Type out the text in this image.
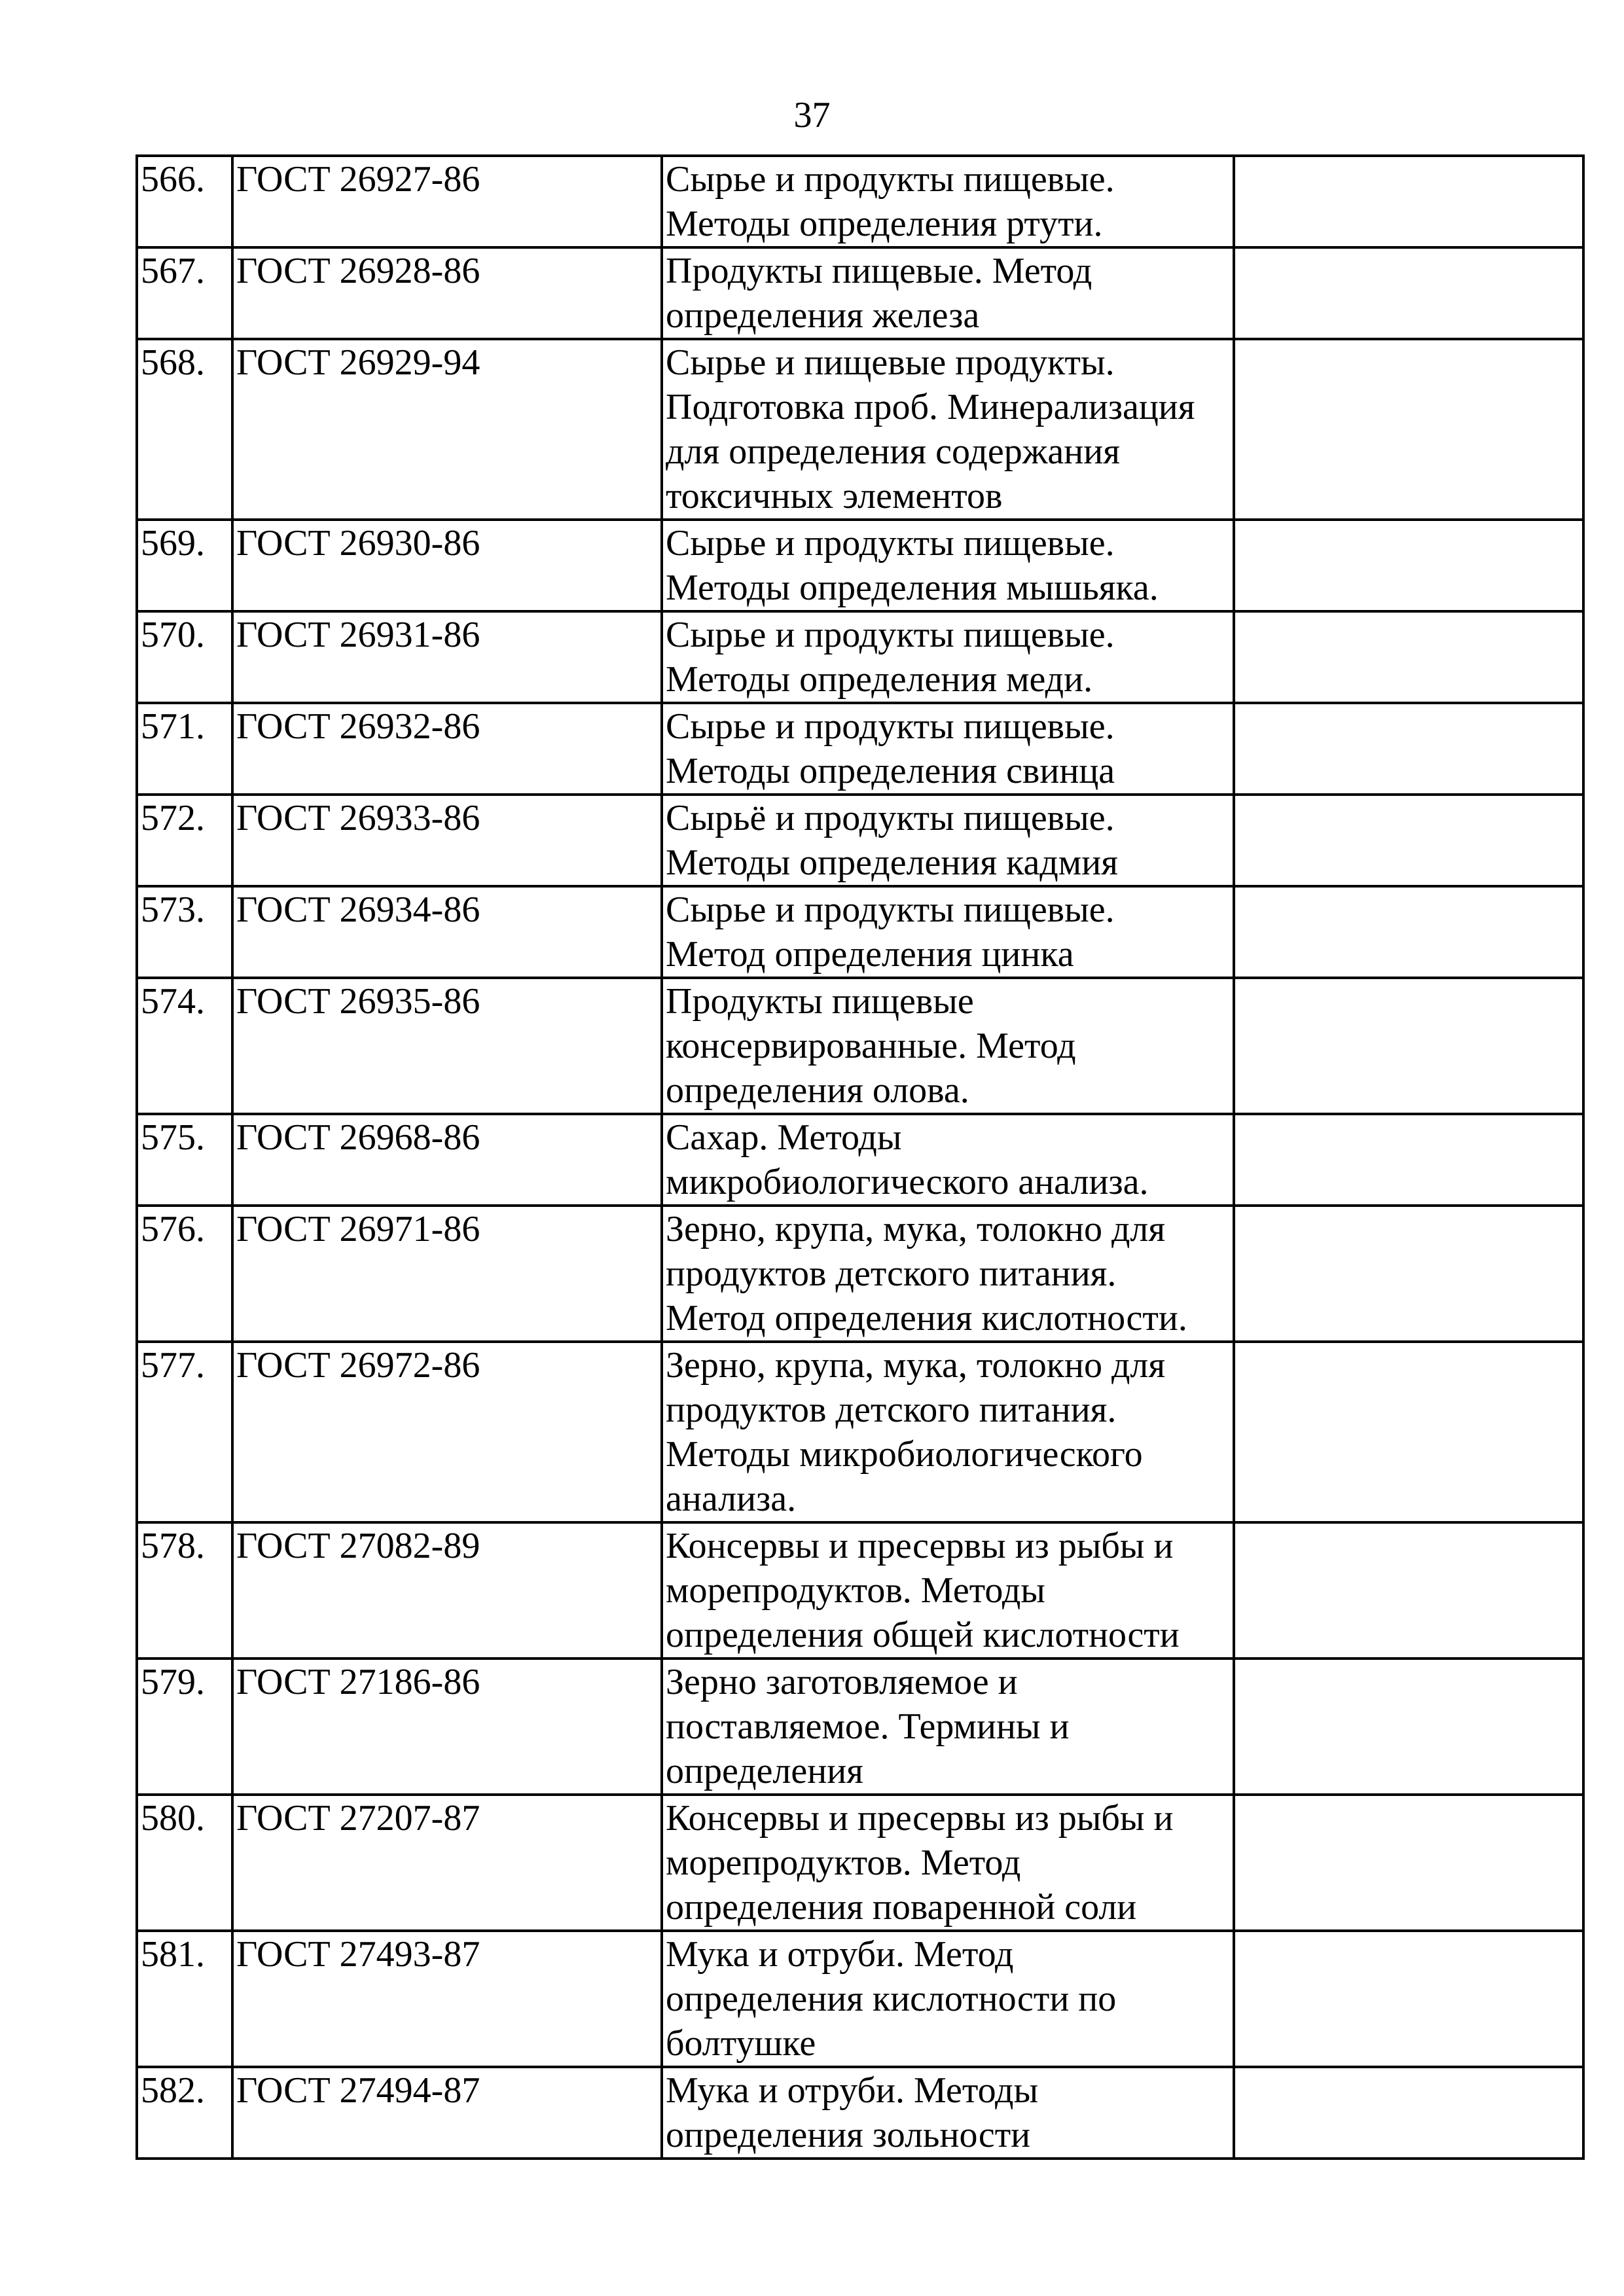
37
566.	ГОСТ 26927-86	Сырье и продукты пищевые.
Методы определения ртути.	

567.	ГОСТ 26928-86	Продукты пищевые. Метод
определения железа	

568.	ГОСТ 26929-94	Сырье и пищевые продукты.
Подготовка проб. Минерализация
для определения содержания
токсичных элементов	

569.	ГОСТ 26930-86	Сырье и продукты пищевые.
Методы определения мышьяка.	

570.	ГОСТ 26931-86	Сырье и продукты пищевые.
Методы определения меди.	

571.	ГОСТ 26932-86	Сырье и продукты пищевые.
Методы определения свинца	

572.	ГОСТ 26933-86	Сырьё и продукты пищевые.
Методы определения кадмия	

573.	ГОСТ 26934-86	Сырье и продукты пищевые.
Метод определения цинка	

574.	ГОСТ 26935-86	Продукты пищевые
консервированные. Метод
определения олова.	

575.	ГОСТ 26968-86	Сахар. Методы
микробиологического анализа.	

576.	ГОСТ 26971-86	Зерно, крупа, мука, толокно для
продуктов детского питания.
Метод определения кислотности.	

577.	ГОСТ 26972-86	Зерно, крупа, мука, толокно для
продуктов детского питания.
Методы микробиологического
анализа.	

578.	ГОСТ 27082-89	Консервы и пресервы из рыбы и
морепродуктов. Методы
определения общей кислотности	

579.	ГОСТ 27186-86	Зерно заготовляемое и
поставляемое. Термины и
определения	

580.	ГОСТ 27207-87	Консервы и пресервы из рыбы и
морепродуктов. Метод
определения поваренной соли	

581.	ГОСТ 27493-87	Мука и отруби. Метод
определения кислотности по
болтушке	

582.	ГОСТ 27494-87	Мука и отруби. Методы
определения зольности	
